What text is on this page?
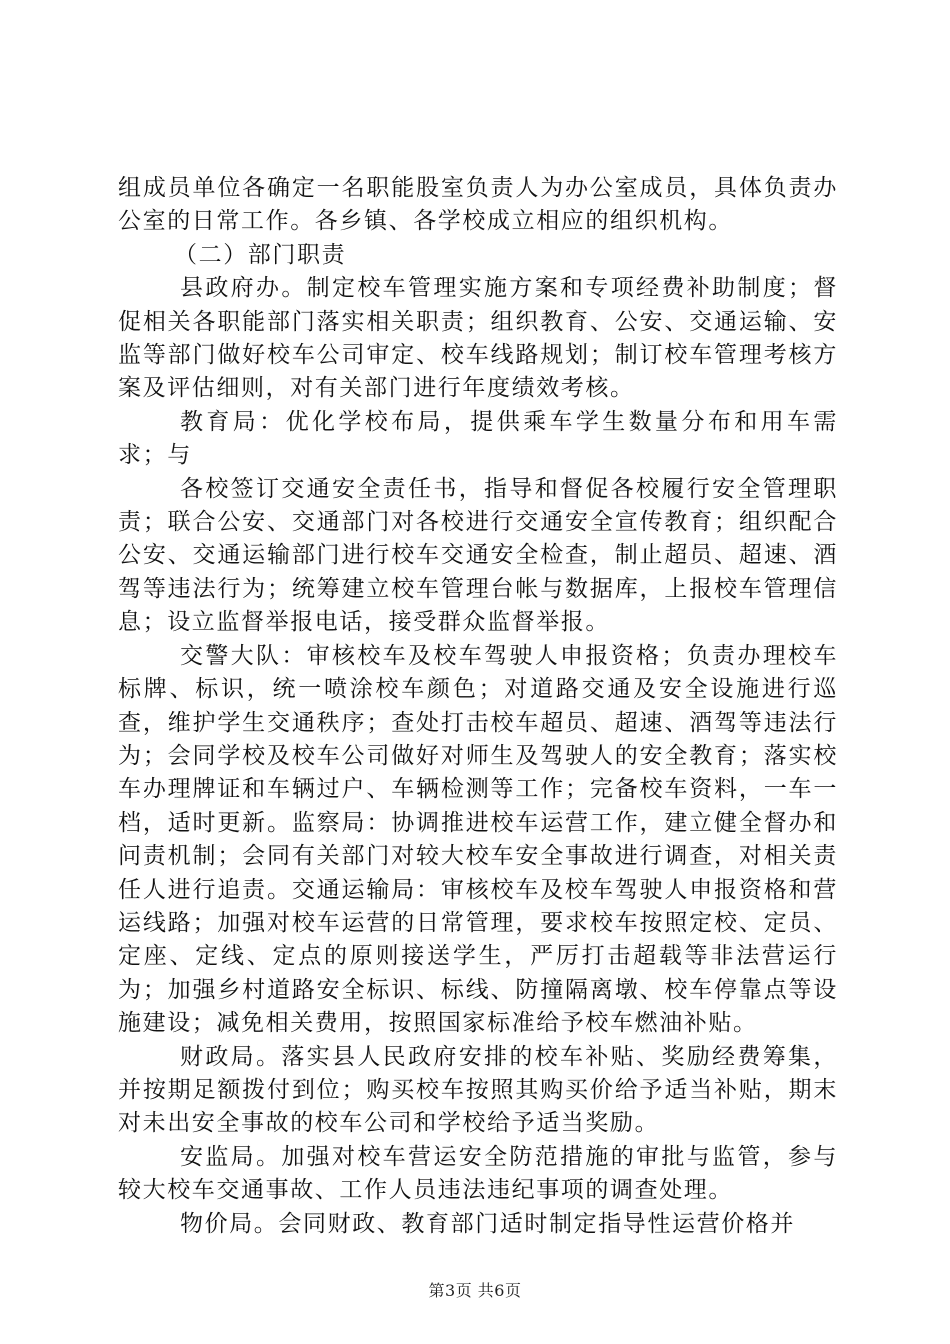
组成员单位各确定一名职能股室负责人为办公室成员，具体负责办公室的日常工作。各乡镇、各学校成立相应的组织机构。

（二）部门职责

县政府办。制定校车管理实施方案和专项经费补助制度；督促相关各职能部门落实相关职责；组织教育、公安、交通运输、安监等部门做好校车公司审定、校车线路规划；制订校车管理考核方案及评估细则，对有关部门进行年度绩效考核。

教育局：优化学校布局，提供乘车学生数量分布和用车需求；与

各校签订交通安全责任书，指导和督促各校履行安全管理职责；联合公安、交通部门对各校进行交通安全宣传教育；组织配合公安、交通运输部门进行校车交通安全检查，制止超员、超速、酒驾等违法行为；统筹建立校车管理台帐与数据库，上报校车管理信息；设立监督举报电话，接受群众监督举报。

交警大队：审核校车及校车驾驶人申报资格；负责办理校车标牌、标识，统一喷涂校车颜色；对道路交通及安全设施进行巡查，维护学生交通秩序；查处打击校车超员、超速、酒驾等违法行为；会同学校及校车公司做好对师生及驾驶人的安全教育；落实校车办理牌证和车辆过户、车辆检测等工作；完备校车资料，一车一档，适时更新。监察局：协调推进校车运营工作，建立健全督办和问责机制；会同有关部门对较大校车安全事故进行调查，对相关责任人进行追责。交通运输局：审核校车及校车驾驶人申报资格和营运线路；加强对校车运营的日常管理，要求校车按照定校、定员、定座、定线、定点的原则接送学生，严厉打击超载等非法营运行为；加强乡村道路安全标识、标线、防撞隔离墩、校车停靠点等设施建设；减免相关费用，按照国家标准给予校车燃油补贴。

财政局。落实县人民政府安排的校车补贴、奖励经费筹集，并按期足额拨付到位；购买校车按照其购买价给予适当补贴，期末对未出安全事故的校车公司和学校给予适当奖励。

安监局。加强对校车营运安全防范措施的审批与监管，参与较大校车交通事故、工作人员违法违纪事项的调查处理。

物价局。会同财政、教育部门适时制定指导性运营价格并

第3页 共6页
